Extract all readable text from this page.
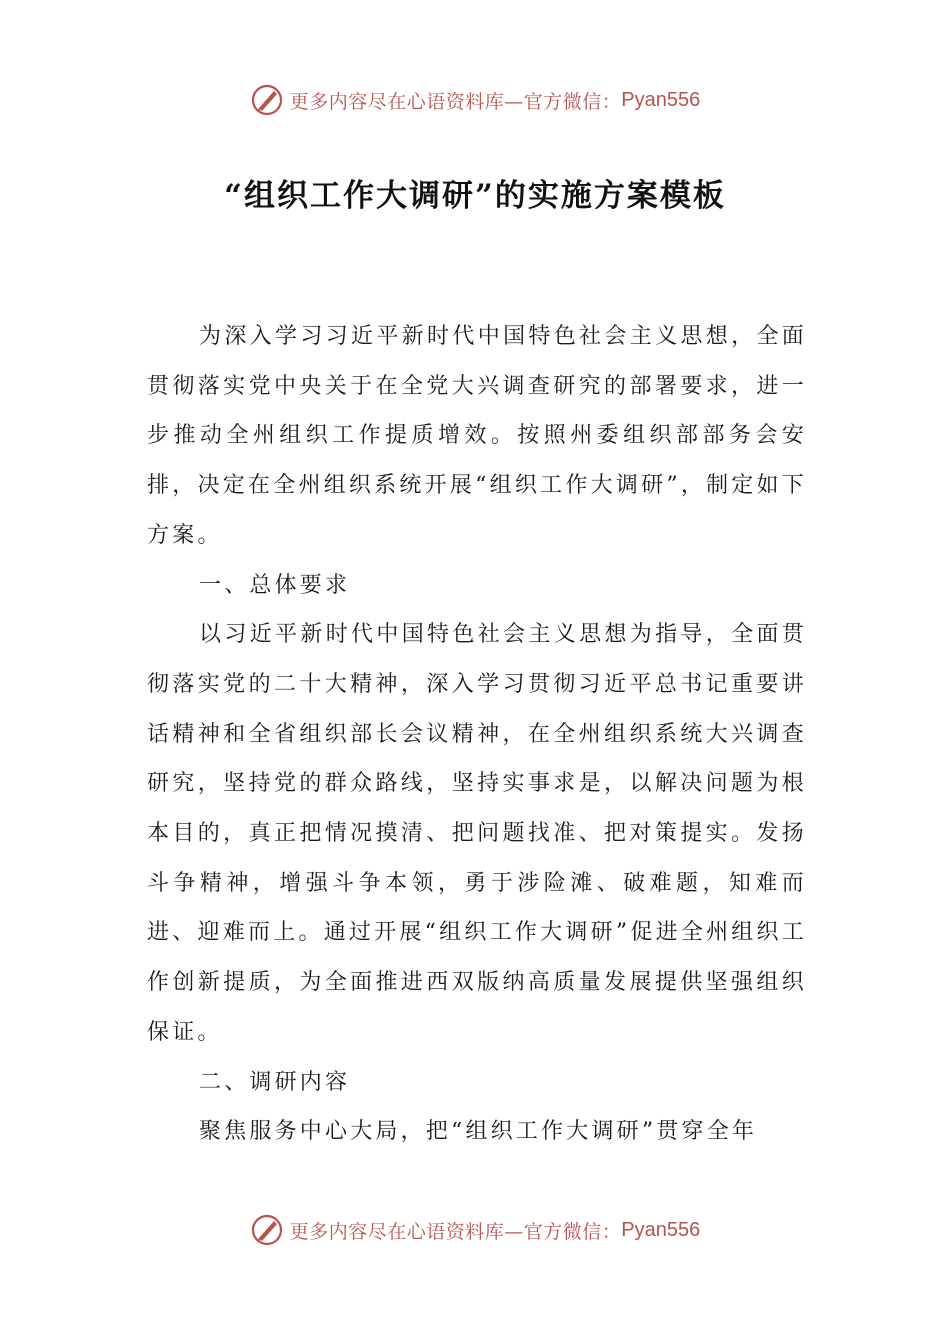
更多内容尽在心语资料库—官方微信： Pyan556
“组织工作大调研”的实施方案模板

为深入学习习近平新时代中国特色社会主义思想，全面贯彻落实党中央关于在全党大兴调查研究的部署要求，进一步推动全州组织工作提质增效。按照州委组织部部务会安排，决定在全州组织系统开展“组织工作大调研”，制定如下方案。

一、总体要求

以习近平新时代中国特色社会主义思想为指导，全面贯彻落实党的二十大精神，深入学习贯彻习近平总书记重要讲话精神和全省组织部长会议精神，在全州组织系统大兴调查研究，坚持党的群众路线，坚持实事求是，以解决问题为根本目的，真正把情况摸清、把问题找准、把对策提实。发扬斗争精神，增强斗争本领，勇于涉险滩、破难题，知难而进、迎难而上。通过开展“组织工作大调研”促进全州组织工作创新提质，为全面推进西双版纳高质量发展提供坚强组织保证。

二、调研内容

聚焦服务中心大局，把“组织工作大调研”贯穿全年

更多内容尽在心语资料库—官方微信： Pyan556
